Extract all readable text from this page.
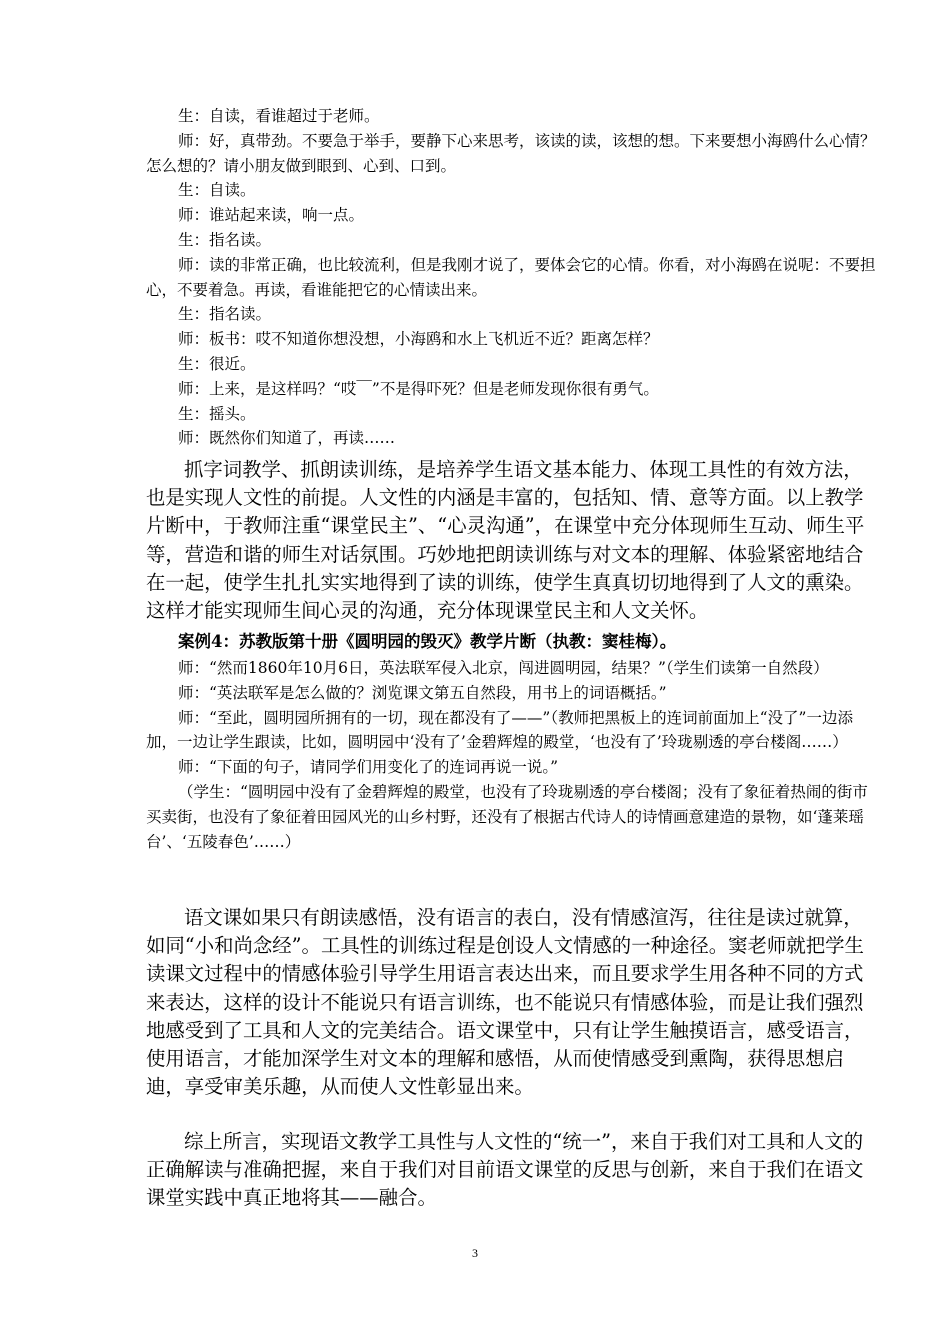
生：自读，看谁超过于老师。

师：好，真带劲。不要急于举手，要静下心来思考，该读的读，该想的想。下来要想小海鸥什么心情？怎么想的？请小朋友做到眼到、心到、口到。

生：自读。

师：谁站起来读，响一点。

生：指名读。

师：读的非常正确，也比较流利，但是我刚才说了，要体会它的心情。你看，对小海鸥在说呢：不要担心，不要着急。再读，看谁能把它的心情读出来。

生：指名读。

师：板书：哎不知道你想没想，小海鸥和水上飞机近不近？距离怎样？

生：很近。

师：上来，是这样吗？“哎￣”不是得吓死？但是老师发现你很有勇气。

生：摇头。

师：既然你们知道了，再读……

抓字词教学、抓朗读训练，是培养学生语文基本能力、体现工具性的有效方法，也是实现人文性的前提。人文性的内涵是丰富的，包括知、情、意等方面。以上教学片断中，于教师注重“课堂民主”、“心灵沟通”，在课堂中充分体现师生互动、师生平等，营造和谐的师生对话氛围。巧妙地把朗读训练与对文本的理解、体验紧密地结合在一起，使学生扎扎实实地得到了读的训练，使学生真真切切地得到了人文的熏染。这样才能实现师生间心灵的沟通，充分体现课堂民主和人文关怀。

案例4：苏教版第十册《圆明园的毁灭》教学片断（执教：窦桂梅）。

师：“然而1860年10月6日，英法联军侵入北京，闯进圆明园，结果？”（学生们读第一自然段）

师：“英法联军是怎么做的？浏览课文第五自然段，用书上的词语概括。”

师：“至此，圆明园所拥有的一切，现在都没有了——”（教师把黑板上的连词前面加上“没了”一边添加，一边让学生跟读，比如，圆明园中‘没有了’金碧辉煌的殿堂，‘也没有了’玲珑剔透的亭台楼阁……）

师：“下面的句子，请同学们用变化了的连词再说一说。”

（学生：“圆明园中没有了金碧辉煌的殿堂，也没有了玲珑剔透的亭台楼阁；没有了象征着热闹的街市买卖街，也没有了象征着田园风光的山乡村野，还没有了根据古代诗人的诗情画意建造的景物，如‘蓬莱瑶台’、‘五陵春色’……）

语文课如果只有朗读感悟，没有语言的表白，没有情感渲泻，往往是读过就算，如同“小和尚念经”。工具性的训练过程是创设人文情感的一种途径。窦老师就把学生读课文过程中的情感体验引导学生用语言表达出来，而且要求学生用各种不同的方式来表达，这样的设计不能说只有语言训练，也不能说只有情感体验，而是让我们强烈地感受到了工具和人文的完美结合。语文课堂中，只有让学生触摸语言，感受语言，使用语言，才能加深学生对文本的理解和感悟，从而使情感受到熏陶，获得思想启迪，享受审美乐趣，从而使人文性彰显出来。

综上所言，实现语文教学工具性与人文性的“统一”，来自于我们对工具和人文的正确解读与准确把握，来自于我们对目前语文课堂的反思与创新，来自于我们在语文课堂实践中真正地将其——融合。

3
